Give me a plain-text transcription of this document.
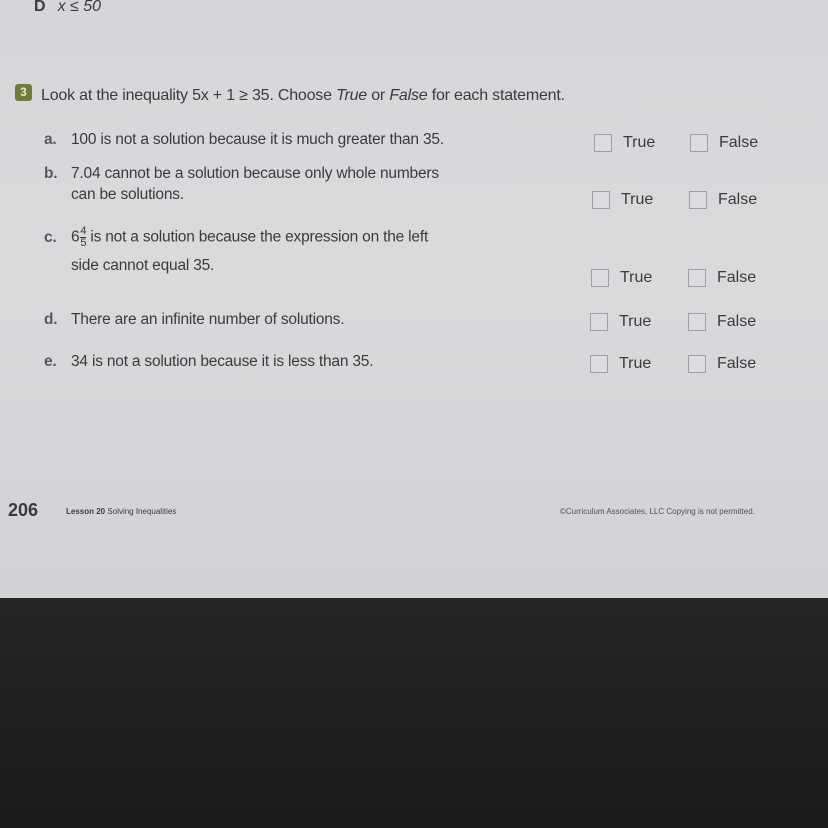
D x ≤ 50
3 Look at the inequality 5x + 1 ≥ 35. Choose True or False for each statement.
a. 100 is not a solution because it is much greater than 35.	True	False
b. 7.04 cannot be a solution because only whole numbers
can be solutions.	True	False
c. $6 \frac{4}{5}$ is not a solution because the expression on the left
side cannot equal 35.
True	False
d. There are an infinite number of solutions.	True	False
e. 34 is not a solution because it is less than 35.	True	False
206	Lesson 20 Solving Inequalities	©Curriculum Associates, LLC Copying is not permitted.
